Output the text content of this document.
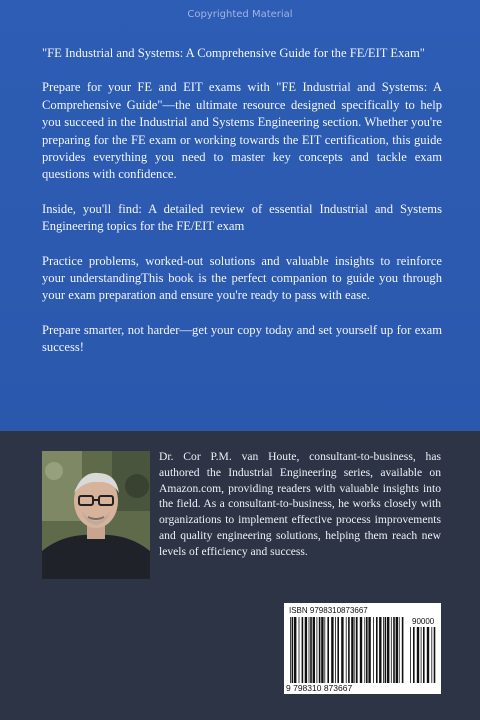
Copyrighted Material

"FE Industrial and Systems: A Comprehensive Guide for the FE/EIT Exam"

Prepare for your FE and EIT exams with "FE Industrial and Systems: A Comprehensive Guide"—the ultimate resource designed specifically to help you succeed in the Industrial and Systems Engineering section. Whether you're preparing for the FE exam or working towards the EIT certification, this guide provides everything you need to master key concepts and tackle exam questions with confidence.

Inside, you'll find: A detailed review of essential Industrial and Systems Engineering topics for the FE/EIT exam

Practice problems, worked-out solutions and valuable insights to reinforce your understandingThis book is the perfect companion to guide you through your exam preparation and ensure you're ready to pass with ease.

Prepare smarter, not harder—get your copy today and set yourself up for exam success!

Dr. Cor P.M. van Houte, consultant-to-business, has authored the Industrial Engineering series, available on Amazon.com, providing readers with valuable insights into the field. As a consultant-to-business, he works closely with organizations to implement effective process improvements and quality engineering solutions, helping them reach new levels of efficiency and success.

ISBN 9798310873667
90000
9 798310 873667
